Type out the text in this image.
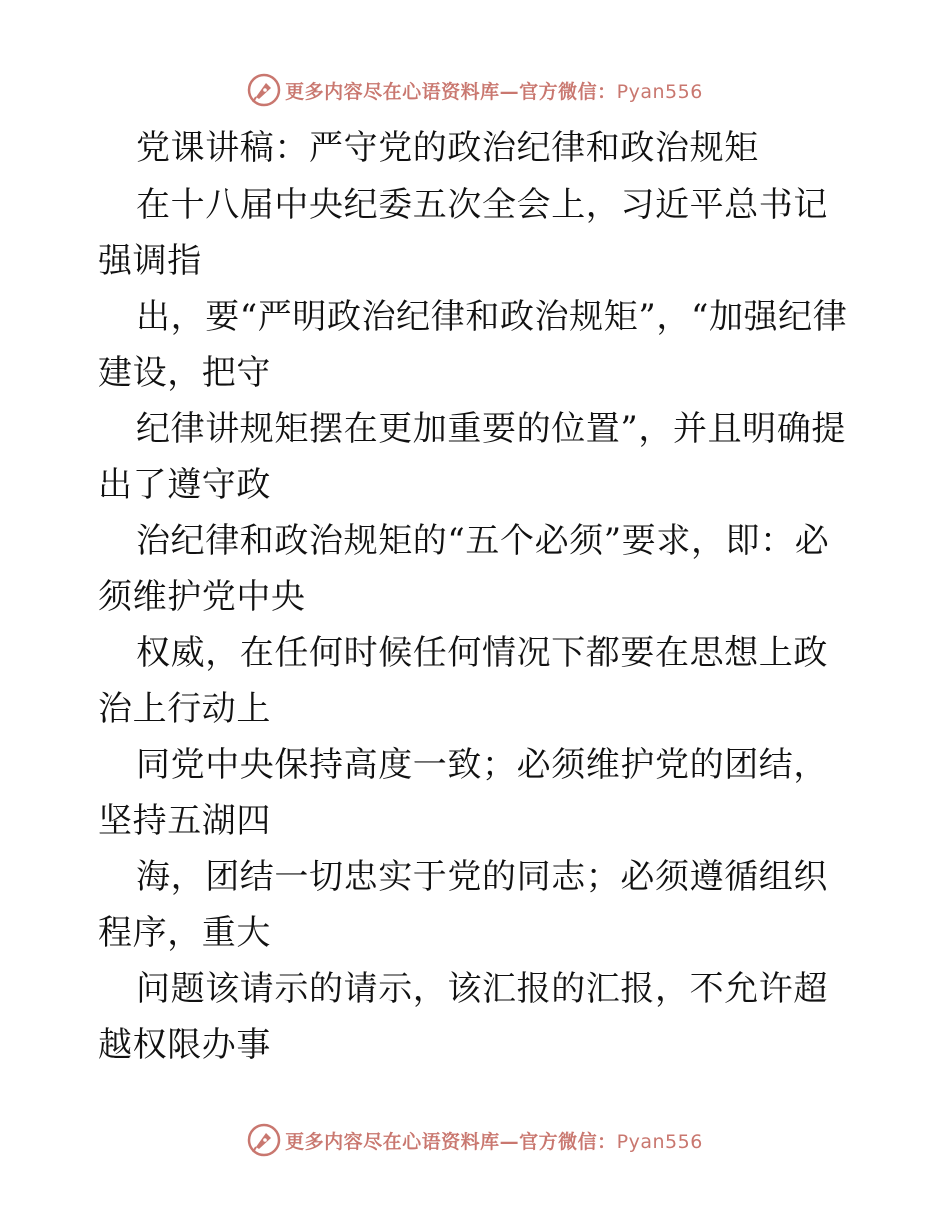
更多内容尽在心语资料库—官方微信：Pyan556

党课讲稿：严守党的政治纪律和政治规矩

在十八届中央纪委五次全会上，习近平总书记强调指

出，要“严明政治纪律和政治规矩”，“加强纪律建设，把守

纪律讲规矩摆在更加重要的位置”，并且明确提出了遵守政

治纪律和政治规矩的“五个必须”要求，即：必须维护党中央

权威，在任何时候任何情况下都要在思想上政治上行动上

同党中央保持高度一致；必须维护党的团结，坚持五湖四

海，团结一切忠实于党的同志；必须遵循组织程序，重大

问题该请示的请示，该汇报的汇报，不允许超越权限办事

更多内容尽在心语资料库—官方微信：Pyan556
